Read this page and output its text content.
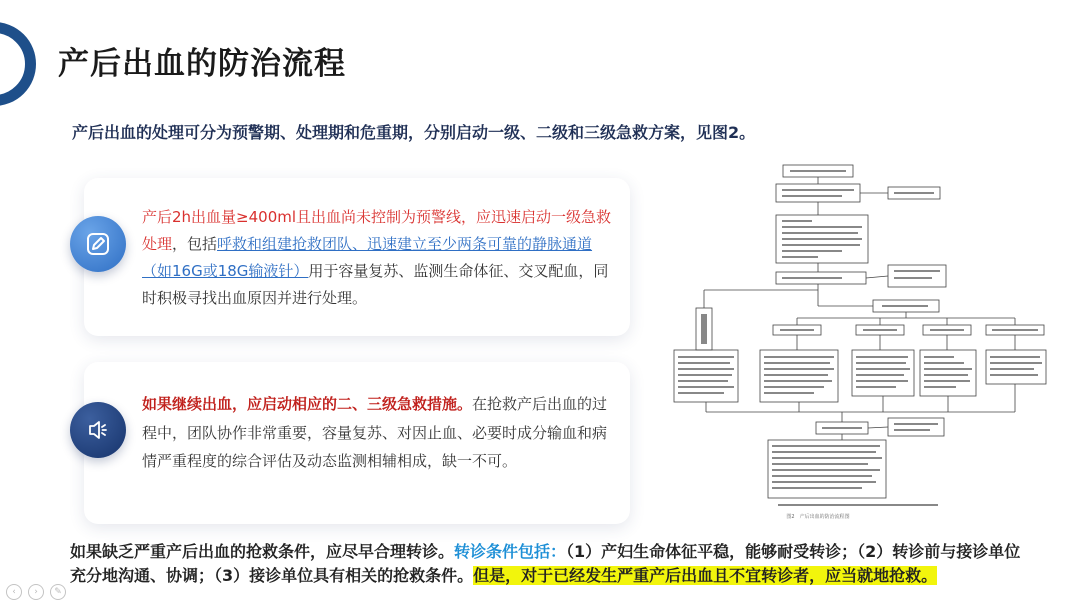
产后出血的防治流程
产后出血的处理可分为预警期、处理期和危重期，分别启动一级、二级和三级急救方案，见图2。
产后2h出血量≥400ml且出血尚未控制为预警线，应迅速启动一级急救处理，包括呼救和组建抢救团队、迅速建立至少两条可靠的静脉通道（如16G或18G输液针）用于容量复苏、监测生命体征、交叉配血，同时积极寻找出血原因并进行处理。
如果继续出血，应启动相应的二、三级急救措施。在抢救产后出血的过程中，团队协作非常重要，容量复苏、对因止血、必要时成分输血和病情严重程度的综合评估及动态监测相辅相成，缺一不可。
图2　产后出血的防治流程图
如果缺乏严重产后出血的抢救条件，应尽早合理转诊。转诊条件包括：（1）产妇生命体征平稳，能够耐受转诊；（2）转诊前与接诊单位充分地沟通、协调；（3）接诊单位具有相关的抢救条件。但是，对于已经发生严重产后出血且不宜转诊者，应当就地抢救。
‹	›	✎
